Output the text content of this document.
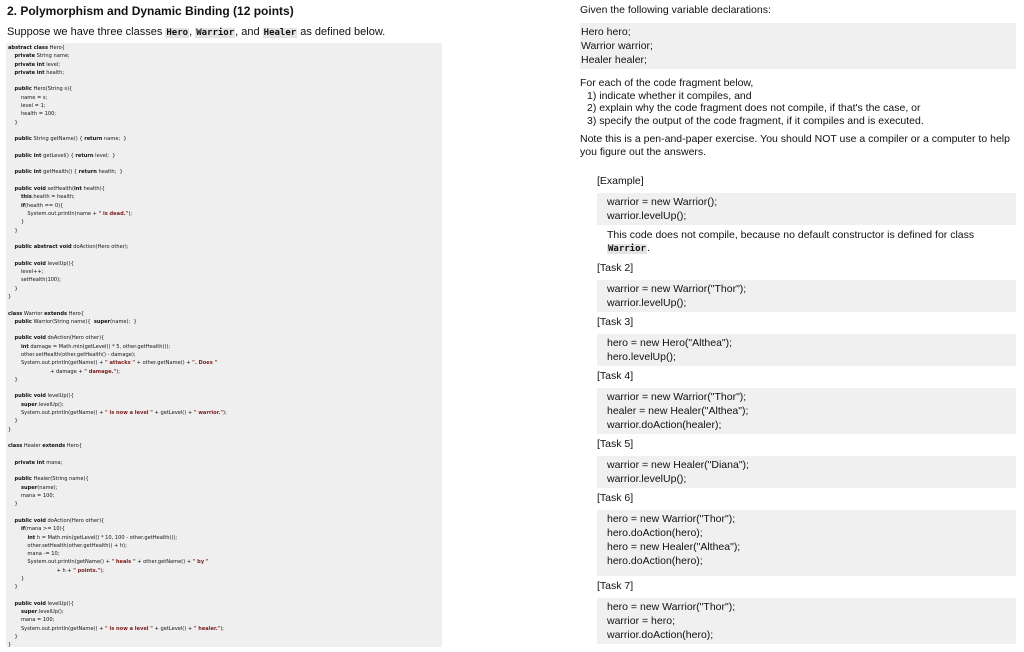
2. Polymorphism and Dynamic Binding (12 points)
Suppose we have three classes Hero, Warrior, and Healer as defined below.
abstract class Hero{
private String name;
private int level;
private int health;
public Hero(String s){
name = s;
level = 1;
health = 100;
}
public String getName() { return name;  }
public int getLevel() { return level;  }
public int getHealth() { return health;  }
public void setHealth(int health){
this.health = health;
if(health == 0){
System.out.println(name + " is dead.");
}
}
public abstract void doAction(Hero other);
public void levelUp(){
level++;
setHealth(100);
}
}
class Warrior extends Hero{
public Warrior(String name){  super(name);  }
public void doAction(Hero other){
int damage = Math.min(getLevel() * 5, other.getHealth());
other.setHealth(other.getHealth() - damage);
System.out.println(getName() + " attacks " + other.getName() + ". Does "
+ damage + " damage.");
}
public void levelUp(){
super.levelUp();
System.out.println(getName() + " is now a level " + getLevel() + " warrior.");
}
}
class Healer extends Hero{
private int mana;
public Healer(String name){
super(name);
mana = 100;
}
public void doAction(Hero other){
if(mana >= 10){
int h = Math.min(getLevel() * 10, 100 - other.getHealth());
other.setHealth(other.getHealth() + h);
mana -= 10;
System.out.println(getName() + " heals " + other.getName() + " by "
+ h + " points.");
}
}
public void levelUp(){
super.levelUp();
mana = 100;
System.out.println(getName() + " is now a level " + getLevel() + " healer.");
}
}

Given the following variable declarations:

Hero hero;
Warrior warrior;
Healer healer;
For each of the code fragment below,
1) indicate whether it compiles, and
2) explain why the code fragment does not compile, if that's the case, or
3) specify the output of the code fragment, if it compiles and is executed.

Note this is a pen-and-paper exercise. You should NOT use a compiler or a computer to help you figure out the answers.

[Example]
warrior = new Warrior();
warrior.levelUp();
This code does not compile, because no default constructor is defined for class Warrior.
[Task 2]
warrior = new Warrior("Thor");
warrior.levelUp();
[Task 3]
hero = new Hero("Althea");
hero.levelUp();
[Task 4]
warrior = new Warrior("Thor");
healer = new Healer("Althea");
warrior.doAction(healer);
[Task 5]
warrior = new Healer("Diana");
warrior.levelUp();
[Task 6]
hero = new Warrior("Thor");
hero.doAction(hero);
hero = new Healer("Althea");
hero.doAction(hero);
[Task 7]
hero = new Warrior("Thor");
warrior = hero;
warrior.doAction(hero);
